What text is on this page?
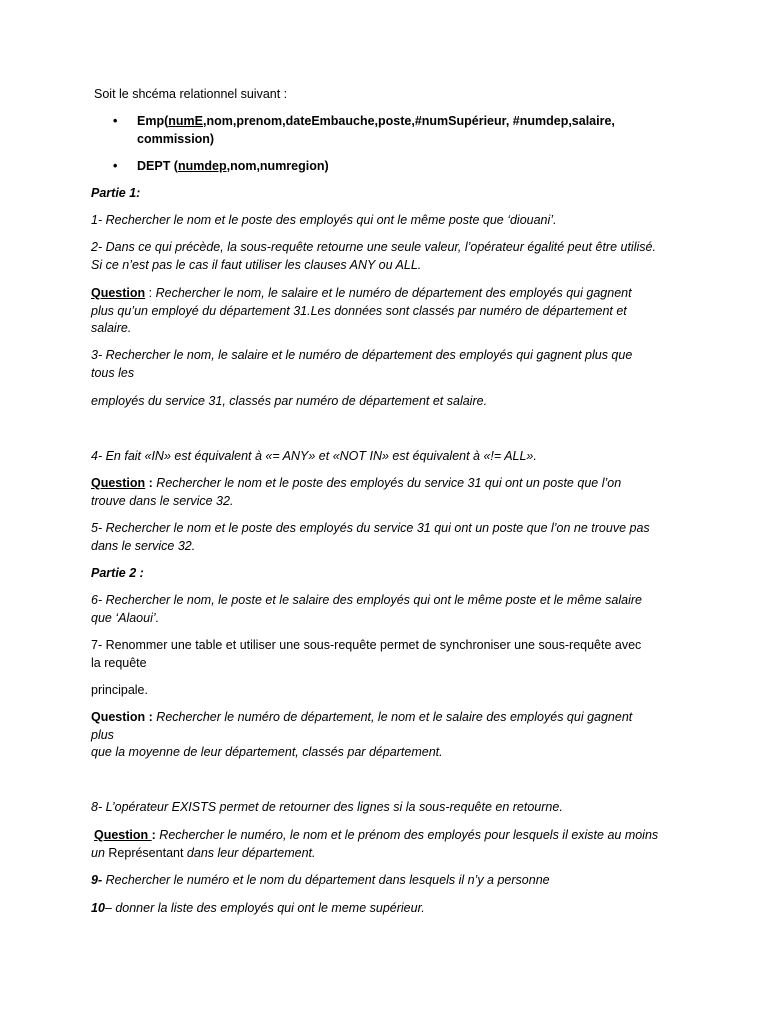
Soit le shcéma relationnel suivant :

• Emp(numE,nom,prenom,dateEmbauche,poste,#numSupérieur, #numdep,salaire,
commission)
• DEPT (numdep,nom,numregion)

Partie 1:

1- Rechercher le nom et le poste des employés qui ont le même poste que ‘diouani’.

2- Dans ce qui précède, la sous-requête retourne une seule valeur, l’opérateur égalité peut être utilisé.

Si ce n’est pas le cas il faut utiliser les clauses ANY ou ALL.

Question : Rechercher le nom, le salaire et le numéro de département des employés qui gagnent

plus qu’un employé du département 31.Les données sont classés par numéro de département et

salaire.

3- Rechercher le nom, le salaire et le numéro de département des employés qui gagnent plus que

tous les

employés du service 31, classés par numéro de département et salaire.

4- En fait «IN» est équivalent à «= ANY» et «NOT IN» est équivalent à «!= ALL».

Question : Rechercher le nom et le poste des employés du service 31 qui ont un poste que l’on

trouve dans le service 32.

5- Rechercher le nom et le poste des employés du service 31 qui ont un poste que l’on ne trouve pas

dans le service 32.

Partie 2 :

6- Rechercher le nom, le poste et le salaire des employés qui ont le même poste et le même salaire

que ‘Alaoui’.

7- Renommer une table et utiliser une sous-requête permet de synchroniser une sous-requête avec

la requête

principale.

Question : Rechercher le numéro de département, le nom et le salaire des employés qui gagnent

plus

que la moyenne de leur département, classés par département.

8- L’opérateur EXISTS permet de retourner des lignes si la sous-requête en retourne.

Question : Rechercher le numéro, le nom et le prénom des employés pour lesquels il existe au moins

un Représentant dans leur département.

9- Rechercher le numéro et le nom du département dans lesquels il n’y a personne

10– donner la liste des employés qui ont le meme supérieur.
